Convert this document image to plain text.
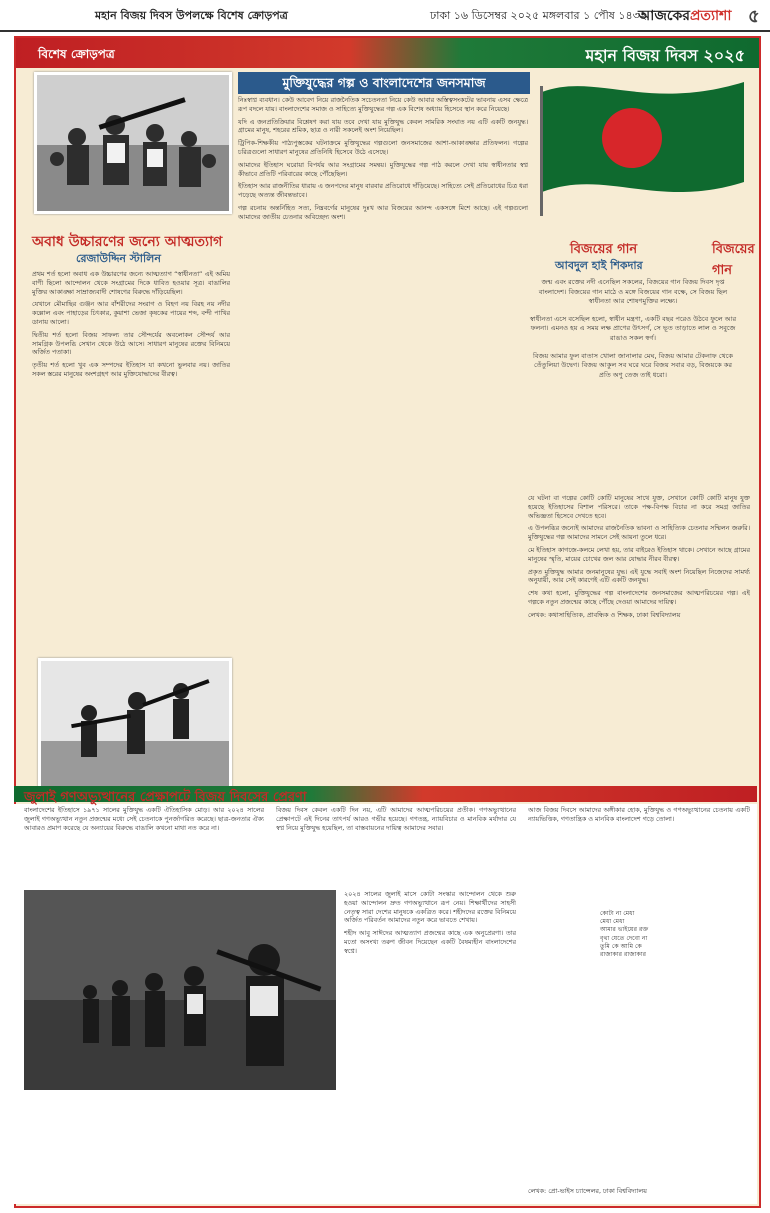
মহান বিজয় দিবস উপলক্ষে বিশেষ ক্রোড়পত্র	ঢাকা ১৬ ডিসেম্বর ২০২৫ মঙ্গলবার ১ পৌষ ১৪৩২
আজকেরপ্রত্যাশা ৫
বিশেষ ক্রোড়পত্র	মহান বিজয় দিবস ২০২৫
অবাধ উচ্চারণের জন্যে আত্মত্যাগ
রেজাউদ্দিন স্টালিন

প্রথম শর্ত হলো অবাধ এক উচ্চারণের জন্যে আত্মত্যাগ “স্বাধীনতা” এই অমিয় বাণী ছিলো আন্দোলন থেকে সংগ্রামের দিকে ধাবিত হওয়ার সূত্র। বাঙালির মুক্তির আকাঙ্ক্ষা সাম্রাজ্যবাদী শোষণের বিরুদ্ধে দাঁড়িয়েছিল।

যেখানে মৌমাছির গুঞ্জন আর বাঁশরীদের সংরাগ ও বিহগ নয় বিরহ নয় নদীর কল্লোল এবং পাহাড়ের চিৎকার, কুয়াশা ভেজা কৃষকের পায়ের শব্দ, বন্দী পাখির ডানায় আলো।

দ্বিতীয় শর্ত হলো বিজয় সাফল্য তার সৌন্দর্যের অবলোকন সৌন্দর্য আর সামগ্রিক উপলব্ধি সেখান থেকে উঠে আসে। সাধারণ মানুষের রক্তের বিনিময়ে অর্জিত পতাকা।

তৃতীয় শর্ত হলো খুব এক সম্পদের ইতিহাস যা কখনো ভুলবার নয়। জাতির সকল স্তরের মানুষের অংশগ্রহণ আর মুক্তিযোদ্ধাদের বীরত্ব।

মুক্তিযুদ্ধের গল্প ও বাংলাদেশের জনসমাজ

নিঃস্বাপ্ন ব্যবধান। কেউ আবেগ নিয়ে রাজনৈতিক সচেতনতা নিয়ে কেউ আবার অস্তিত্বসংকটের ভাবনায় এসব ক্ষেত্রে রূপ বদলে যায়। বাংলাদেশের সমাজ ও সাহিত্যে মুক্তিযুদ্ধের গল্প এক বিশেষ অধ্যায় হিসেবে স্থান করে নিয়েছে।

যদি এ জনপ্রতিক্রিয়ার বিশ্লেষণ করা যায় তবে দেখা যায় মুক্তিযুদ্ধ কেবল সামরিক সংঘাত নয় এটি একটি জনযুদ্ধ। গ্রামের মানুষ, শহরের শ্রমিক, ছাত্র ও নারী সকলেই অংশ নিয়েছিল।

ট্রিপিক-শিক্ষকীয় পাঠ্যপুস্তকের ঘটনাক্রমে মুক্তিযুদ্ধের গল্পগুলো জনসমাজের আশা-আকাঙ্ক্ষার প্রতিফলন। গল্পের চরিত্রগুলো সাধারণ মানুষের প্রতিনিধি হিসেবে উঠে এসেছে।

আমাদের ইতিহাস ঘরোয়া বিপর্যয় আর সংগ্রামের সমন্বয়। মুক্তিযুদ্ধের গল্প পাঠ করলে দেখা যায় স্বাধীনতার স্বপ্ন কীভাবে প্রতিটি পরিবারের কাছে পৌঁছেছিল।

ইতিহাস আর রাজনীতির ধারায় এ জনপদের মানুষ বারবার প্রতিরোধে দাঁড়িয়েছে। সাহিত্যে সেই প্রতিরোধের চিত্র ধরা পড়েছে অত্যন্ত জীবন্তভাবে।

গল্প রচনায় অন্তর্নিহিত সত্য, নিম্নবর্গের মানুষের দুঃখ আর বিজয়ের আনন্দ একসঙ্গে মিশে আছে। এই গল্পগুলো আমাদের জাতীয় চেতনার অবিচ্ছেদ্য অংশ।

বিজয়ের গান
বিজয়ের গান
আবদুল হাই শিকদার

জন্ম এবং রক্তের নদী এনেছিল সকলের, বিজয়ের গান বিজয় দিবস দৃপ্ত বাংলাদেশ। বিজয়ের গান মাঠে ও মঙ্গে বিজয়ের গান বক্ষে, সে বিজয় ছিল স্বাধীনতা আর শোষণমুক্তির লক্ষ্যে।

স্বাধীনতা এসে বসেছিল হলো, স্বাধীন মন্ত্রণা, একটি বছর পরেও উঠবে ফুলে আর ফলনা। এমনও হয় এ সময় লক্ষ প্রাণের উৎসর্গ, সে ভূত তাড়াতে লাল ও সবুজে রাঙাও সকল স্বর্গ।

বিজয় আমার ফুল বাতাস খোলা জানালার মেঘ, বিজয় আমার টেকনাফ থেকে তেঁতুলিয়া উদ্বেগ। বিজয় আকুল সব ঘরে ঘরে বিজয় সবার বড়, বিজয়কে কর প্রতি অণু তেজ তাই ধরো।

যে ঘটনা বা গল্পের কোটি কোটি মানুষের সাথে যুক্ত, সেখানে কোটি কোটি মানুষ যুক্ত হয়েছে ইতিহাসের বিশাল পরিসরে। তাকে পক্ষ-বিপক্ষ বিচার না করে সমগ্র জাতির অভিজ্ঞতা হিসেবে দেখতে হবে।

এ উপলব্ধির জন্যেই আমাদের রাজনৈতিক ভাবনা ও সাহিত্যিক চেতনার সম্মিলন জরুরি। মুক্তিযুদ্ধের গল্প আমাদের সামনে সেই আয়না তুলে ধরে।

মে ইতিহাস কাগজে-কলমে লেখা হয়, তার বাইরেও ইতিহাস থাকে। সেখানে আছে গ্রামের মানুষের স্মৃতি, মায়ের চোখের জল আর যোদ্ধার নীরব বীরত্ব।

প্রকৃত মুক্তিযুদ্ধ আমার জনমানুষের যুদ্ধ। এই যুদ্ধে সবাই অংশ নিয়েছিল নিজেদের সামর্থ্য অনুযায়ী, আর সেই কারণেই এটি একটি জনযুদ্ধ।

শেষ কথা হলো, মুক্তিযুদ্ধের গল্প বাংলাদেশের জনসমাজের আত্মপরিচয়ের গল্প। এই গল্পকে নতুন প্রজন্মের কাছে পৌঁছে দেওয়া আমাদের দায়িত্ব।

লেখক: কথাসাহিত্যিক, প্রাবন্ধিক ও শিক্ষক, ঢাকা বিশ্ববিদ্যালয়

জুলাই গণঅভ্যুত্থানের প্রেক্ষাপটে বিজয় দিবসের প্রেরণা

বাংলাদেশের ইতিহাসে ১৯৭১ সালের মুক্তিযুদ্ধ একটি ঐতিহাসিক মোড়। আর ২০২৪ সালের জুলাই গণঅভ্যুত্থান নতুন প্রজন্মের মধ্যে সেই চেতনাকে পুনর্জাগরিত করেছে। ছাত্র-জনতার ঐক্য আবারও প্রমাণ করেছে যে অন্যায়ের বিরুদ্ধে বাঙালি কখনো মাথা নত করে না।

বিজয় দিবস কেবল একটি দিন নয়, এটি আমাদের আত্মপরিচয়ের প্রতীক। গণঅভ্যুত্থানের প্রেক্ষাপটে এই দিনের তাৎপর্য আরও গভীর হয়েছে। গণতন্ত্র, ন্যায়বিচার ও মানবিক মর্যাদার যে স্বপ্ন নিয়ে মুক্তিযুদ্ধ হয়েছিল, তা বাস্তবায়নের দায়িত্ব আমাদের সবার।

২০২৪ সালের জুলাই মাসে কোটা সংস্কার আন্দোলন থেকে শুরু হওয়া আন্দোলন দ্রুত গণঅভ্যুত্থানে রূপ নেয়। শিক্ষার্থীদের সাহসী নেতৃত্ব সারা দেশের মানুষকে একত্রিত করে। শহীদদের রক্তের বিনিময়ে অর্জিত পরিবর্তন আমাদের নতুন করে ভাবতে শেখায়।

শহীদ আবু সাঈদের আত্মত্যাগ প্রজন্মের কাছে এক অনুপ্রেরণা। তার মতো অসংখ্য তরুণ জীবন দিয়েছেন একটি বৈষম্যহীন বাংলাদেশের স্বপ্নে।

আজ বিজয় দিবসে আমাদের অঙ্গীকার হোক, মুক্তিযুদ্ধ ও গণঅভ্যুত্থানের চেতনায় একটি ন্যায়ভিত্তিক, গণতান্ত্রিক ও মানবিক বাংলাদেশ গড়ে তোলা।

কোটা না মেধা
মেধা মেধা
আমার ভাইয়ের রক্ত
বৃথা যেতে দেবো না
তুমি কে আমি কে
রাজাকার রাজাকার
লেখক: প্রো-ভাইস চ্যান্সেলর, ঢাকা বিশ্ববিদ্যালয়
